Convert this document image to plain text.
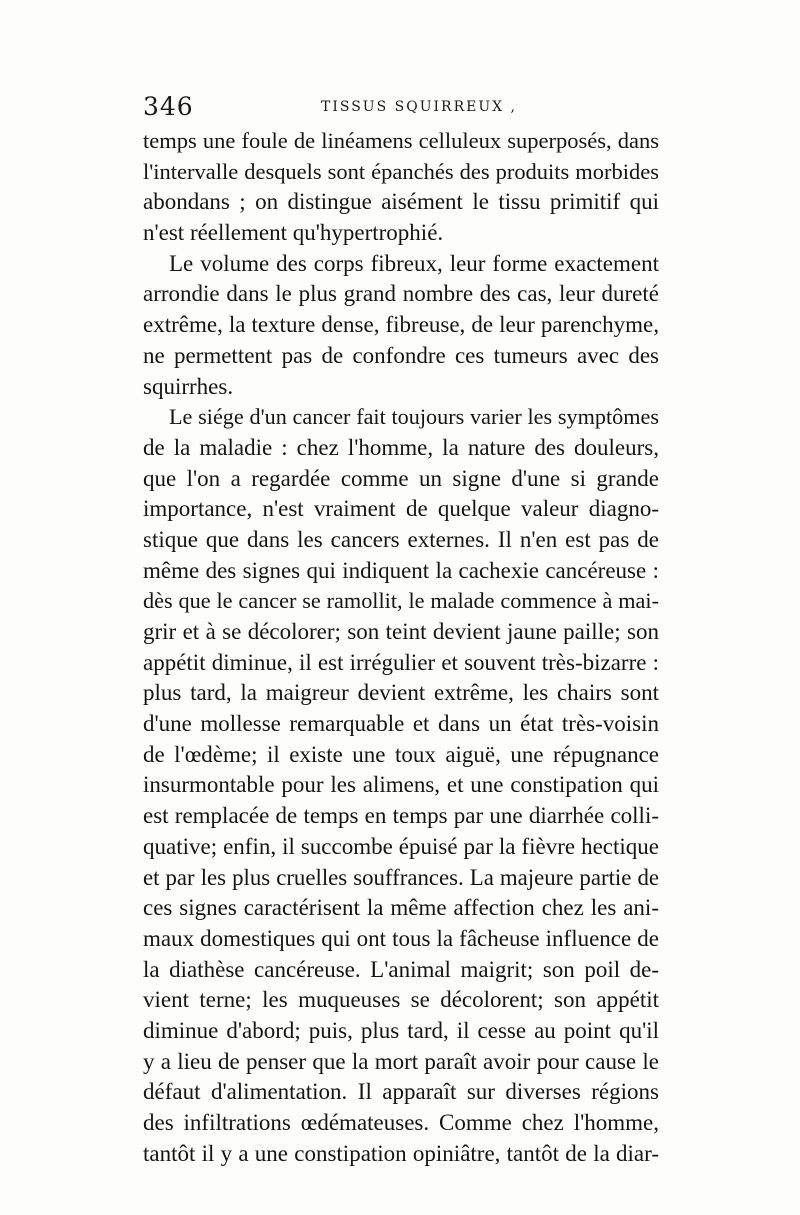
346	TISSUS SQUIRREUX ,
temps une foule de linéamens celluleux superposés, dans
l'intervalle desquels sont épanchés des produits morbides
abondans ; on distingue aisément le tissu primitif qui
n'est réellement qu'hypertrophié.
Le volume des corps fibreux, leur forme exactement
arrondie dans le plus grand nombre des cas, leur dureté
extrême, la texture dense, fibreuse, de leur parenchyme,
ne permettent pas de confondre ces tumeurs avec des
squirrhes.
Le siége d'un cancer fait toujours varier les symptômes
de la maladie : chez l'homme, la nature des douleurs,
que l'on a regardée comme un signe d'une si grande
importance, n'est vraiment de quelque valeur diagno-
stique que dans les cancers externes. Il n'en est pas de
même des signes qui indiquent la cachexie cancéreuse :
dès que le cancer se ramollit, le malade commence à mai-
grir et à se décolorer; son teint devient jaune paille; son
appétit diminue, il est irrégulier et souvent très-bizarre :
plus tard, la maigreur devient extrême, les chairs sont
d'une mollesse remarquable et dans un état très-voisin
de l'œdème; il existe une toux aiguë, une répugnance
insurmontable pour les alimens, et une constipation qui
est remplacée de temps en temps par une diarrhée colli-
quative; enfin, il succombe épuisé par la fièvre hectique
et par les plus cruelles souffrances. La majeure partie de
ces signes caractérisent la même affection chez les ani-
maux domestiques qui ont tous la fâcheuse influence de
la diathèse cancéreuse. L'animal maigrit; son poil de-
vient terne; les muqueuses se décolorent; son appétit
diminue d'abord; puis, plus tard, il cesse au point qu'il
y a lieu de penser que la mort paraît avoir pour cause le
défaut d'alimentation. Il apparaît sur diverses régions
des infiltrations œdémateuses. Comme chez l'homme,
tantôt il y a une constipation opiniâtre, tantôt de la diar-
